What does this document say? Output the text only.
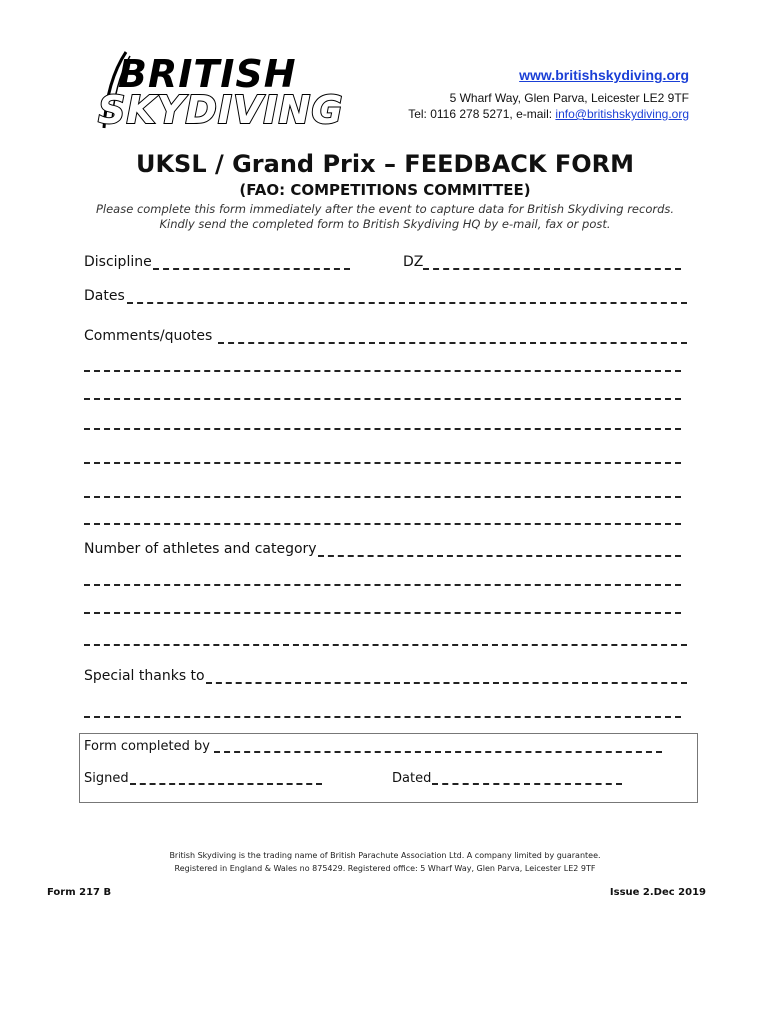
BRITISH
SKYDIVING
www.britishskydiving.org
5 Wharf Way, Glen Parva, Leicester LE2 9TF
Tel: 0116 278 5271, e-mail: info@britishskydiving.org
UKSL / Grand Prix – FEEDBACK FORM
(FAO: COMPETITIONS COMMITTEE)
Please complete this form immediately after the event to capture data for British Skydiving records.
Kindly send the completed form to British Skydiving HQ by e-mail, fax or post.
Discipline	DZ
Dates
Comments/quotes
Number of athletes and category
Special thanks to
Form completed by
Signed	Dated
British Skydiving is the trading name of British Parachute Association Ltd. A company limited by guarantee.
Registered in England & Wales no 875429. Registered office: 5 Wharf Way, Glen Parva, Leicester LE2 9TF
Form 217 B	Issue 2.Dec 2019
